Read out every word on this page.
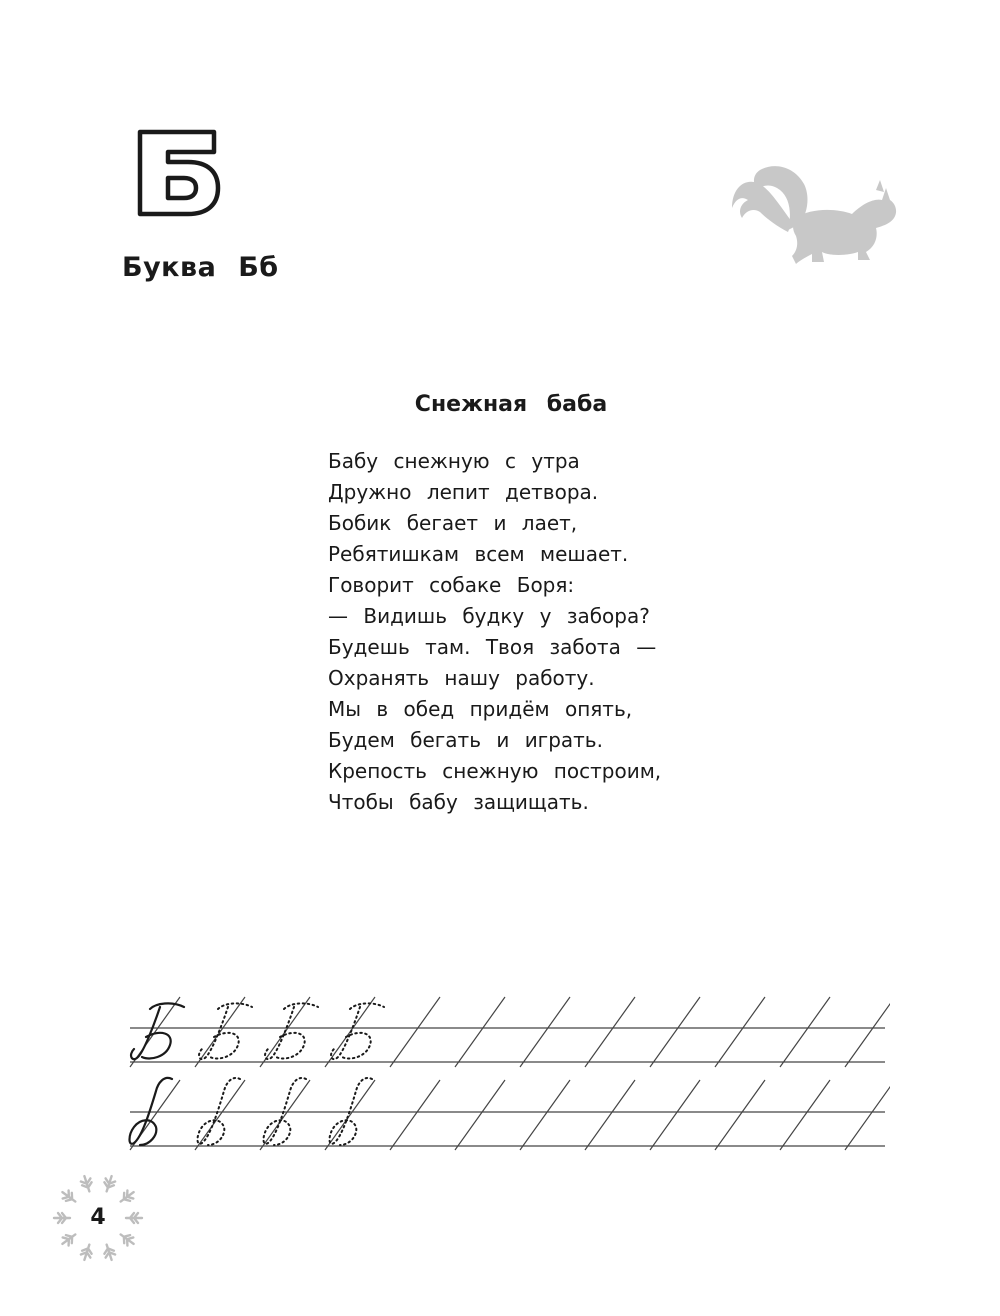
Буква Бб
Снежная баба
Бабу снежную с утра
Дружно лепит детвора.
Бобик бегает и лает,
Ребятишкам всем мешает.
Говорит собаке Боря:
— Видишь будку у забора?
Будешь там. Твоя забота —
Охранять нашу работу.
Мы в обед придём опять,
Будем бегать и играть.
Крепость снежную построим,
Чтобы бабу защищать.
4
